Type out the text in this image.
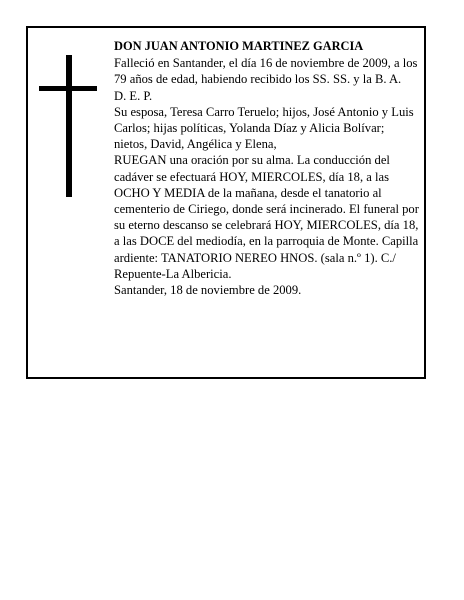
DON JUAN ANTONIO MARTINEZ GARCIA

Falleció en Santander, el día 16 de noviembre de 2009, a los 79 años de edad, habiendo recibido los SS. SS. y la B. A.

D. E. P.

Su esposa, Teresa Carro Teruelo; hijos, José Antonio y Luis Carlos; hijas políticas, Yolanda Díaz y Alicia Bolívar; nietos, David, Angélica y Elena,

RUEGAN una oración por su alma. La conducción del cadáver se efectuará HOY, MIERCOLES, día 18, a las OCHO Y MEDIA de la mañana, desde el tanatorio al cementerio de Ciriego, donde será incinerado. El funeral por su eterno descanso se celebrará HOY, MIERCOLES, día 18, a las DOCE del mediodía, en la parroquia de Monte. Capilla ardiente: TANATORIO NEREO HNOS. (sala n.º 1). C./ Repuente-La Albericia.

Santander, 18 de noviembre de 2009.
